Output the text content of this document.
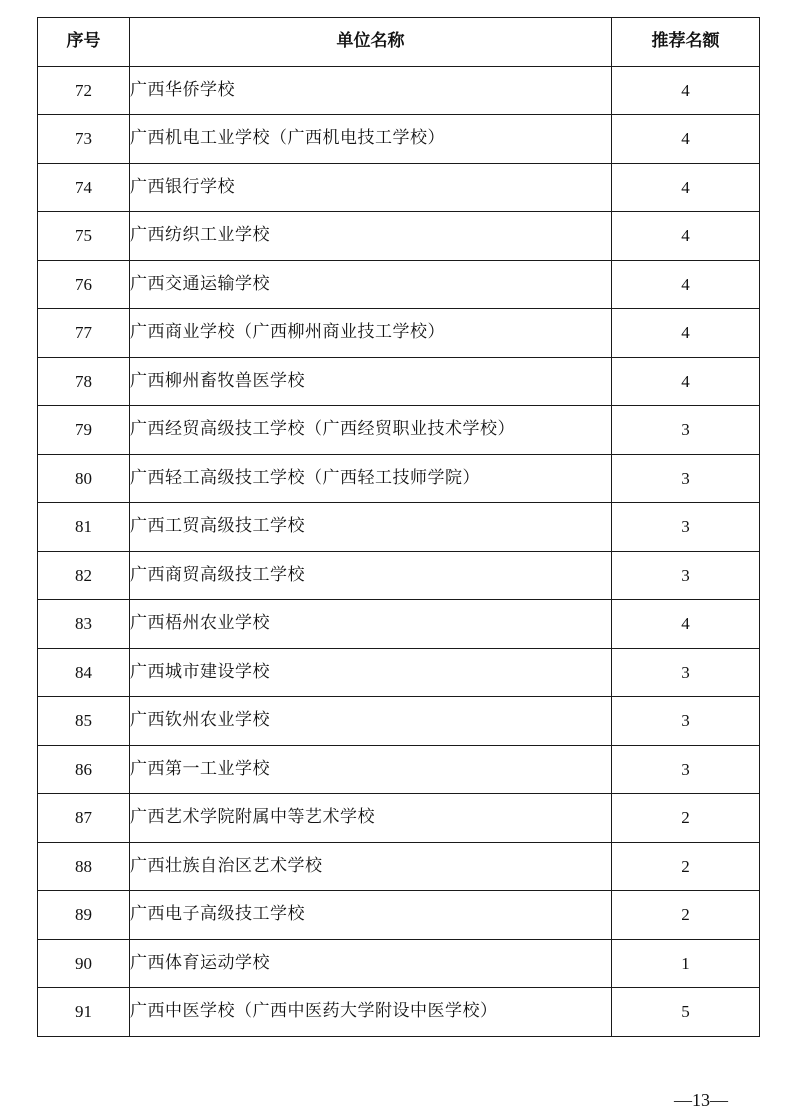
序号	单位名称	推荐名额
72	广西华侨学校	4
73	广西机电工业学校（广西机电技工学校）	4
74	广西银行学校	4
75	广西纺织工业学校	4
76	广西交通运输学校	4
77	广西商业学校（广西柳州商业技工学校）	4
78	广西柳州畜牧兽医学校	4
79	广西经贸高级技工学校（广西经贸职业技术学校）	3
80	广西轻工高级技工学校（广西轻工技师学院）	3
81	广西工贸高级技工学校	3
82	广西商贸高级技工学校	3
83	广西梧州农业学校	4
84	广西城市建设学校	3
85	广西钦州农业学校	3
86	广西第一工业学校	3
87	广西艺术学院附属中等艺术学校	2
88	广西壮族自治区艺术学校	2
89	广西电子高级技工学校	2
90	广西体育运动学校	1
91	广西中医学校（广西中医药大学附设中医学校）	5
—13—
